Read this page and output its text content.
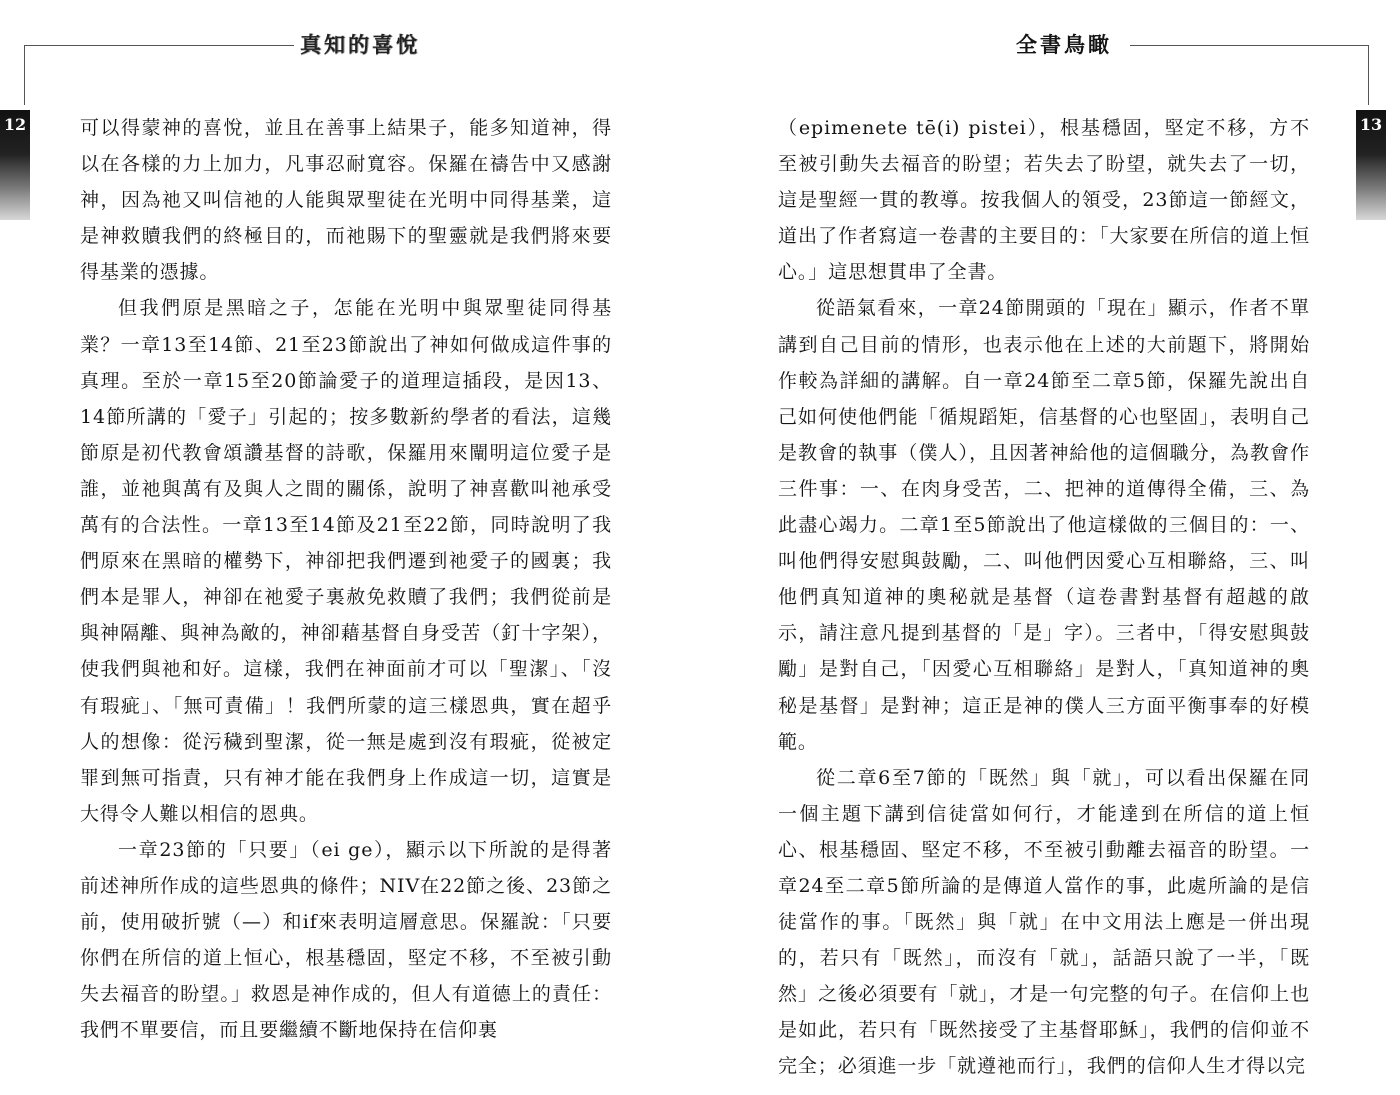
真知的喜悅
12	可以得蒙神的喜悅，並且在善事上結果子，能多知道神，得以在各樣的力上加力，凡事忍耐寬容。保羅在禱告中又感謝神，因為祂又叫信祂的人能與眾聖徒在光明中同得基業，這是神救贖我們的終極目的，而祂賜下的聖靈就是我們將來要得基業的憑據。

但我們原是黑暗之子，怎能在光明中與眾聖徒同得基業？一章13至14節、21至23節說出了神如何做成這件事的真理。至於一章15至20節論愛子的道理這插段，是因13、14節所講的「愛子」引起的；按多數新約學者的看法，這幾節原是初代教會頌讚基督的詩歌，保羅用來闡明這位愛子是誰，並祂與萬有及與人之間的關係，說明了神喜歡叫祂承受萬有的合法性。一章13至14節及21至22節，同時說明了我們原來在黑暗的權勢下，神卻把我們遷到祂愛子的國裏；我們本是罪人，神卻在祂愛子裏赦免救贖了我們；我們從前是與神隔離、與神為敵的，神卻藉基督自身受苦（釘十字架），使我們與祂和好。這樣，我們在神面前才可以「聖潔」、「沒有瑕疵」、「無可責備」！我們所蒙的這三樣恩典，實在超乎人的想像：從污穢到聖潔，從一無是處到沒有瑕疵，從被定罪到無可指責，只有神才能在我們身上作成這一切，這實是大得令人難以相信的恩典。

一章23節的「只要」（ei ge），顯示以下所說的是得著前述神所作成的這些恩典的條件；NIV在22節之後、23節之前，使用破折號（—）和if來表明這層意思。保羅說：「只要你們在所信的道上恒心，根基穩固，堅定不移，不至被引動失去福音的盼望。」救恩是神作成的，但人有道德上的責任：我們不單要信，而且要繼續不斷地保持在信仰裏

全書鳥瞰
13

（epimenete tē(i) pistei），根基穩固，堅定不移，方不至被引動失去福音的盼望；若失去了盼望，就失去了一切，這是聖經一貫的教導。按我個人的領受，23節這一節經文，道出了作者寫這一卷書的主要目的：「大家要在所信的道上恒心。」這思想貫串了全書。

從語氣看來，一章24節開頭的「現在」顯示，作者不單講到自己目前的情形，也表示他在上述的大前題下，將開始作較為詳細的講解。自一章24節至二章5節，保羅先說出自己如何使他們能「循規蹈矩，信基督的心也堅固」，表明自己是教會的執事（僕人），且因著神給他的這個職分，為教會作三件事：一、在肉身受苦，二、把神的道傳得全備，三、為此盡心竭力。二章1至5節說出了他這樣做的三個目的：一、叫他們得安慰與鼓勵，二、叫他們因愛心互相聯絡，三、叫他們真知道神的奧秘就是基督（這卷書對基督有超越的啟示，請注意凡提到基督的「是」字）。三者中，「得安慰與鼓勵」是對自己，「因愛心互相聯絡」是對人，「真知道神的奧秘是基督」是對神；這正是神的僕人三方面平衡事奉的好模範。

從二章6至7節的「既然」與「就」，可以看出保羅在同一個主題下講到信徒當如何行，才能達到在所信的道上恒心、根基穩固、堅定不移，不至被引動離去福音的盼望。一章24至二章5節所論的是傳道人當作的事，此處所論的是信徒當作的事。「既然」與「就」在中文用法上應是一併出現的，若只有「既然」，而沒有「就」，話語只說了一半，「既然」之後必須要有「就」，才是一句完整的句子。在信仰上也是如此，若只有「既然接受了主基督耶穌」，我們的信仰並不完全；必須進一步「就遵祂而行」，我們的信仰人生才得以完
